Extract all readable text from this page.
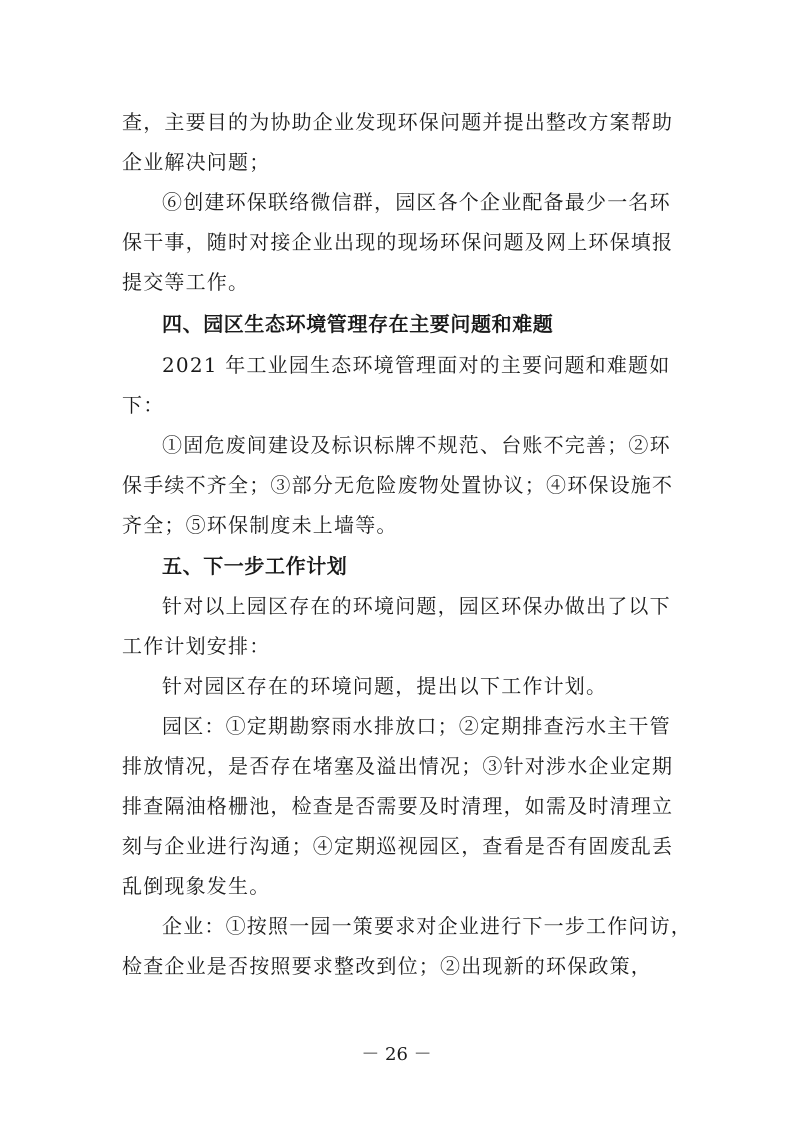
查，主要目的为协助企业发现环保问题并提出整改方案帮助
企业解决问题；
⑥创建环保联络微信群，园区各个企业配备最少一名环
保干事，随时对接企业出现的现场环保问题及网上环保填报
提交等工作。
四、园区生态环境管理存在主要问题和难题
2021 年工业园生态环境管理面对的主要问题和难题如
下：
①固危废间建设及标识标牌不规范、台账不完善；②环
保手续不齐全；③部分无危险废物处置协议；④环保设施不
齐全；⑤环保制度未上墙等。
五、下一步工作计划
针对以上园区存在的环境问题，园区环保办做出了以下
工作计划安排：
针对园区存在的环境问题，提出以下工作计划。
园区：①定期勘察雨水排放口；②定期排查污水主干管
排放情况，是否存在堵塞及溢出情况；③针对涉水企业定期
排查隔油格栅池，检查是否需要及时清理，如需及时清理立
刻与企业进行沟通；④定期巡视园区，查看是否有固废乱丢
乱倒现象发生。
企业：①按照一园一策要求对企业进行下一步工作问访，
检查企业是否按照要求整改到位；②出现新的环保政策，
－ 26 －
